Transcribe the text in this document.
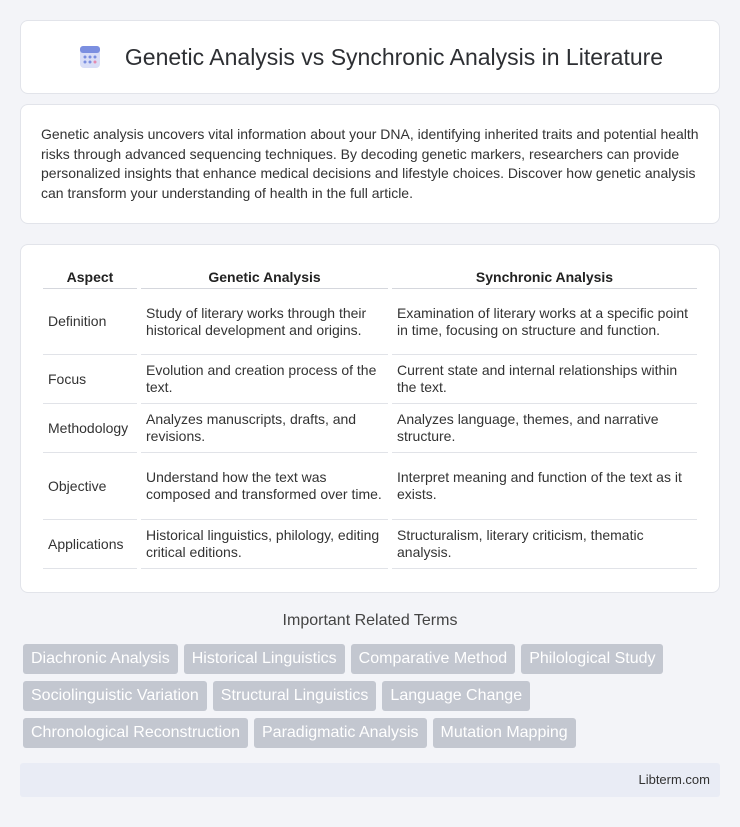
Genetic Analysis vs Synchronic Analysis in Literature

Genetic analysis uncovers vital information about your DNA, identifying inherited traits and potential health risks through advanced sequencing techniques. By decoding genetic markers, researchers can provide personalized insights that enhance medical decisions and lifestyle choices. Discover how genetic analysis can transform your understanding of health in the full article.

Aspect	Genetic Analysis	Synchronic Analysis
Definition	Study of literary works through their historical development and origins.	Examination of literary works at a specific point in time, focusing on structure and function.
Focus	Evolution and creation process of the text.	Current state and internal relationships within the text.
Methodology	Analyzes manuscripts, drafts, and revisions.	Analyzes language, themes, and narrative structure.
Objective	Understand how the text was composed and transformed over time.	Interpret meaning and function of the text as it exists.
Applications	Historical linguistics, philology, editing critical editions.	Structuralism, literary criticism, thematic analysis.
Important Related Terms
Diachronic Analysis	Historical Linguistics	Comparative Method	Philological Study
Sociolinguistic Variation	Structural Linguistics	Language Change
Chronological Reconstruction	Paradigmatic Analysis	Mutation Mapping
Libterm.com
